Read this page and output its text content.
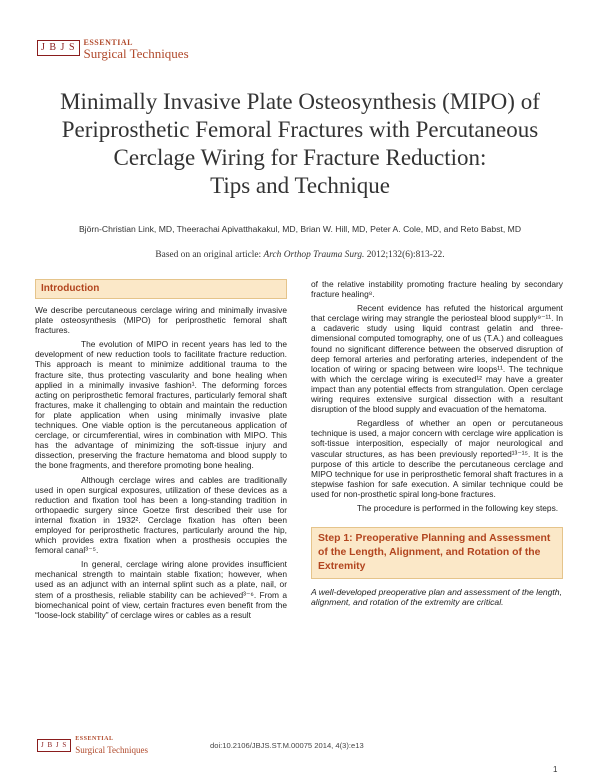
J B J S	ESSENTIAL
Surgical Techniques
Minimally Invasive Plate Osteosynthesis (MIPO) of
Periprosthetic Femoral Fractures with Percutaneous
Cerclage Wiring for Fracture Reduction:
Tips and Technique
Björn-Christian Link, MD, Theerachai Apivatthakakul, MD, Brian W. Hill, MD, Peter A. Cole, MD, and Reto Babst, MD
Based on an original article: Arch Orthop Trauma Surg. 2012;132(6):813-22.
Introduction

We describe percutaneous cerclage wiring and minimally invasive plate osteosynthesis (MIPO) for periprosthetic femoral shaft fractures.

The evolution of MIPO in recent years has led to the development of new reduction tools to facilitate fracture reduction. This approach is meant to minimize additional trauma to the fracture site, thus protecting vascularity and bone healing when applied in a minimally invasive fashion¹. The deforming forces acting on periprosthetic femoral fractures, particularly femoral shaft fractures, make it challenging to obtain and maintain the reduction for plate application when using minimally invasive plate techniques. One viable option is the percutaneous application of cerclage, or circumferential, wires in combination with MIPO. This has the advantage of minimizing the soft-tissue injury and dissection, preserving the fracture hematoma and blood supply to the bone fragments, and therefore promoting bone healing.

Although cerclage wires and cables are traditionally used in open surgical exposures, utilization of these devices as a reduction and fixation tool has been a long-standing tradition in orthopaedic surgery since Goetze first described their use for internal fixation in 1932². Cerclage fixation has often been employed for periprosthetic fractures, particularly around the hip, which provides extra fixation when a prosthesis occupies the femoral canal³⁻⁵.

In general, cerclage wiring alone provides insufficient mechanical strength to maintain stable fixation; however, when used as an adjunct with an internal splint such as a plate, nail, or stem of a prosthesis, reliable stability can be achieved³⁻⁶. From a biomechanical point of view, certain fractures even benefit from the “loose-lock stability” of cerclage wires or cables as a result

of the relative instability promoting fracture healing by secondary fracture healing⁸.

Recent evidence has refuted the historical argument that cerclage wiring may strangle the periosteal blood supply⁹⁻¹¹. In a cadaveric study using liquid contrast gelatin and three-dimensional computed tomography, one of us (T.A.) and colleagues found no significant difference between the observed disruption of deep femoral arteries and perforating arteries, independent of the location of wiring or spacing between wire loops¹¹. The technique with which the cerclage wiring is executed¹² may have a greater impact than any potential effects from strangulation. Open cerclage wiring requires extensive surgical dissection with a resultant disruption of the blood supply and evacuation of the hematoma.

Regardless of whether an open or percutaneous technique is used, a major concern with cerclage wire application is soft-tissue interposition, especially of major neurological and vascular structures, as has been previously reported¹³⁻¹⁵. It is the purpose of this article to describe the percutaneous cerclage and MIPO technique for use in periprosthetic femoral shaft fractures in a stepwise fashion for safe execution. A similar technique could be used for non-prosthetic spiral long-bone fractures.

The procedure is performed in the following key steps.

Step 1: Preoperative Planning and Assessment of the Length, Alignment, and Rotation of the Extremity
A well-developed preoperative plan and assessment of the length, alignment, and rotation of the extremity are critical.
J B J S
ESSENTIAL
Surgical Techniques	doi:10.2106/JBJS.ST.M.00075 2014, 4(3):e13
1
